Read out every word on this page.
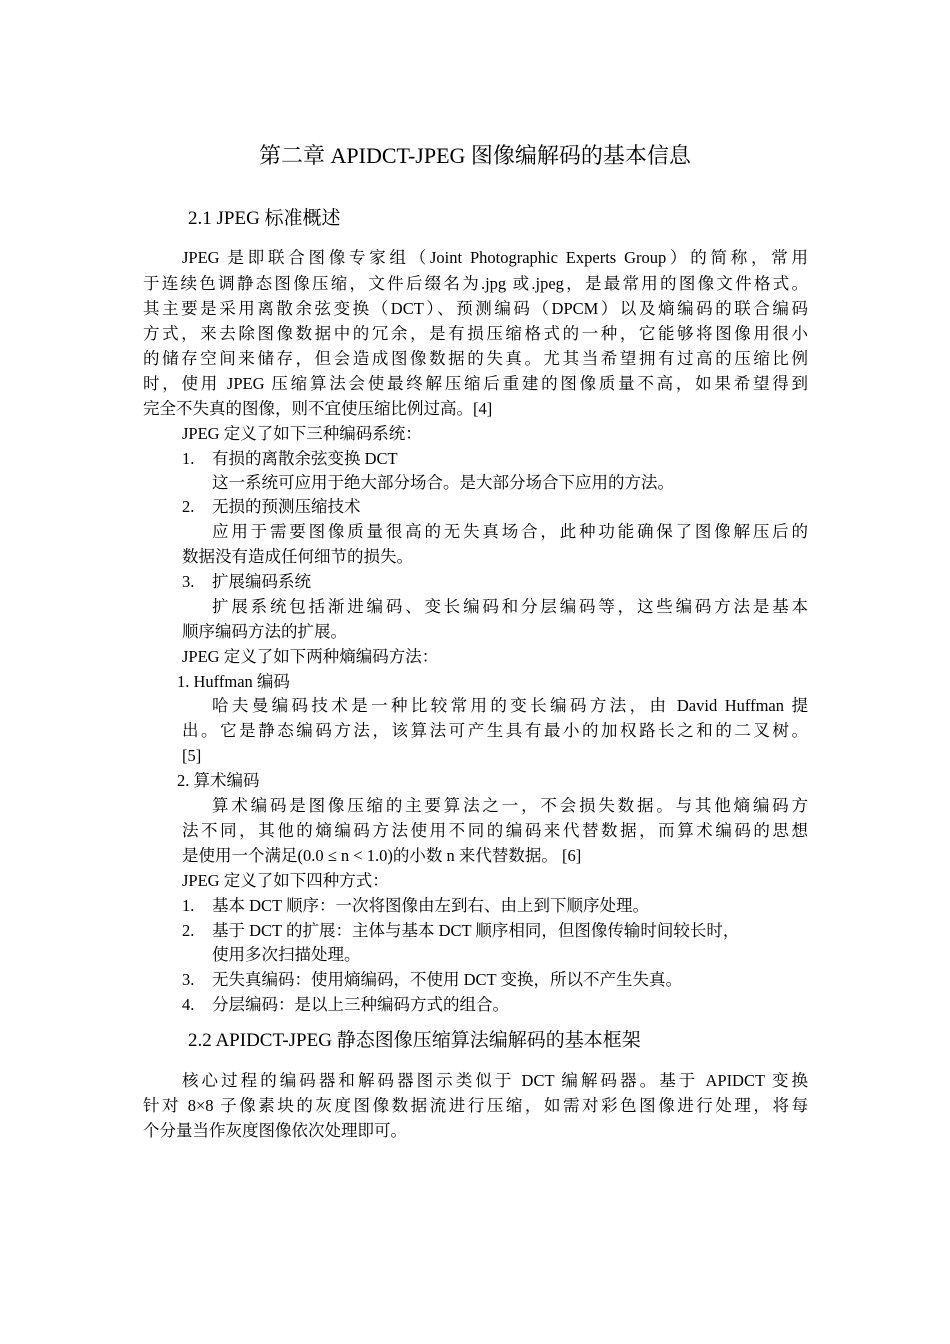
第二章 APIDCT-JPEG 图像编解码的基本信息
2.1 JPEG 标准概述

JPEG 是即联合图像专家组（Joint Photographic Experts Group）的简称，常用

于连续色调静态图像压缩，文件后缀名为.jpg 或.jpeg，是最常用的图像文件格式。

其主要是采用离散余弦变换（DCT）、预测编码（DPCM）以及熵编码的联合编码

方式，来去除图像数据中的冗余，是有损压缩格式的一种，它能够将图像用很小

的储存空间来储存，但会造成图像数据的失真。尤其当希望拥有过高的压缩比例

时，使用 JPEG 压缩算法会使最终解压缩后重建的图像质量不高，如果希望得到

完全不失真的图像，则不宜使压缩比例过高。[4]

JPEG 定义了如下三种编码系统：

1. 有损的离散余弦变换 DCT

这一系统可应用于绝大部分场合。是大部分场合下应用的方法。

2. 无损的预测压缩技术

应用于需要图像质量很高的无失真场合，此种功能确保了图像解压后的

数据没有造成任何细节的损失。

3. 扩展编码系统

扩展系统包括渐进编码、变长编码和分层编码等，这些编码方法是基本

顺序编码方法的扩展。

JPEG 定义了如下两种熵编码方法：

1. Huffman 编码

哈夫曼编码技术是一种比较常用的变长编码方法，由 David Huffman 提

出。它是静态编码方法，该算法可产生具有最小的加权路长之和的二叉树。

[5]

2. 算术编码

算术编码是图像压缩的主要算法之一，不会损失数据。与其他熵编码方

法不同，其他的熵编码方法使用不同的编码来代替数据，而算术编码的思想

是使用一个满足(0.0 ≤ n < 1.0)的小数 n 来代替数据。 [6]

JPEG 定义了如下四种方式：

1. 基本 DCT 顺序：一次将图像由左到右、由上到下顺序处理。

2. 基于 DCT 的扩展：主体与基本 DCT 顺序相同，但图像传输时间较长时，

使用多次扫描处理。

3. 无失真编码：使用熵编码，不使用 DCT 变换，所以不产生失真。

4. 分层编码：是以上三种编码方式的组合。

2.2 APIDCT-JPEG 静态图像压缩算法编解码的基本框架

核心过程的编码器和解码器图示类似于 DCT 编解码器。基于 APIDCT 变换

针对 8×8 子像素块的灰度图像数据流进行压缩，如需对彩色图像进行处理，将每

个分量当作灰度图像依次处理即可。
